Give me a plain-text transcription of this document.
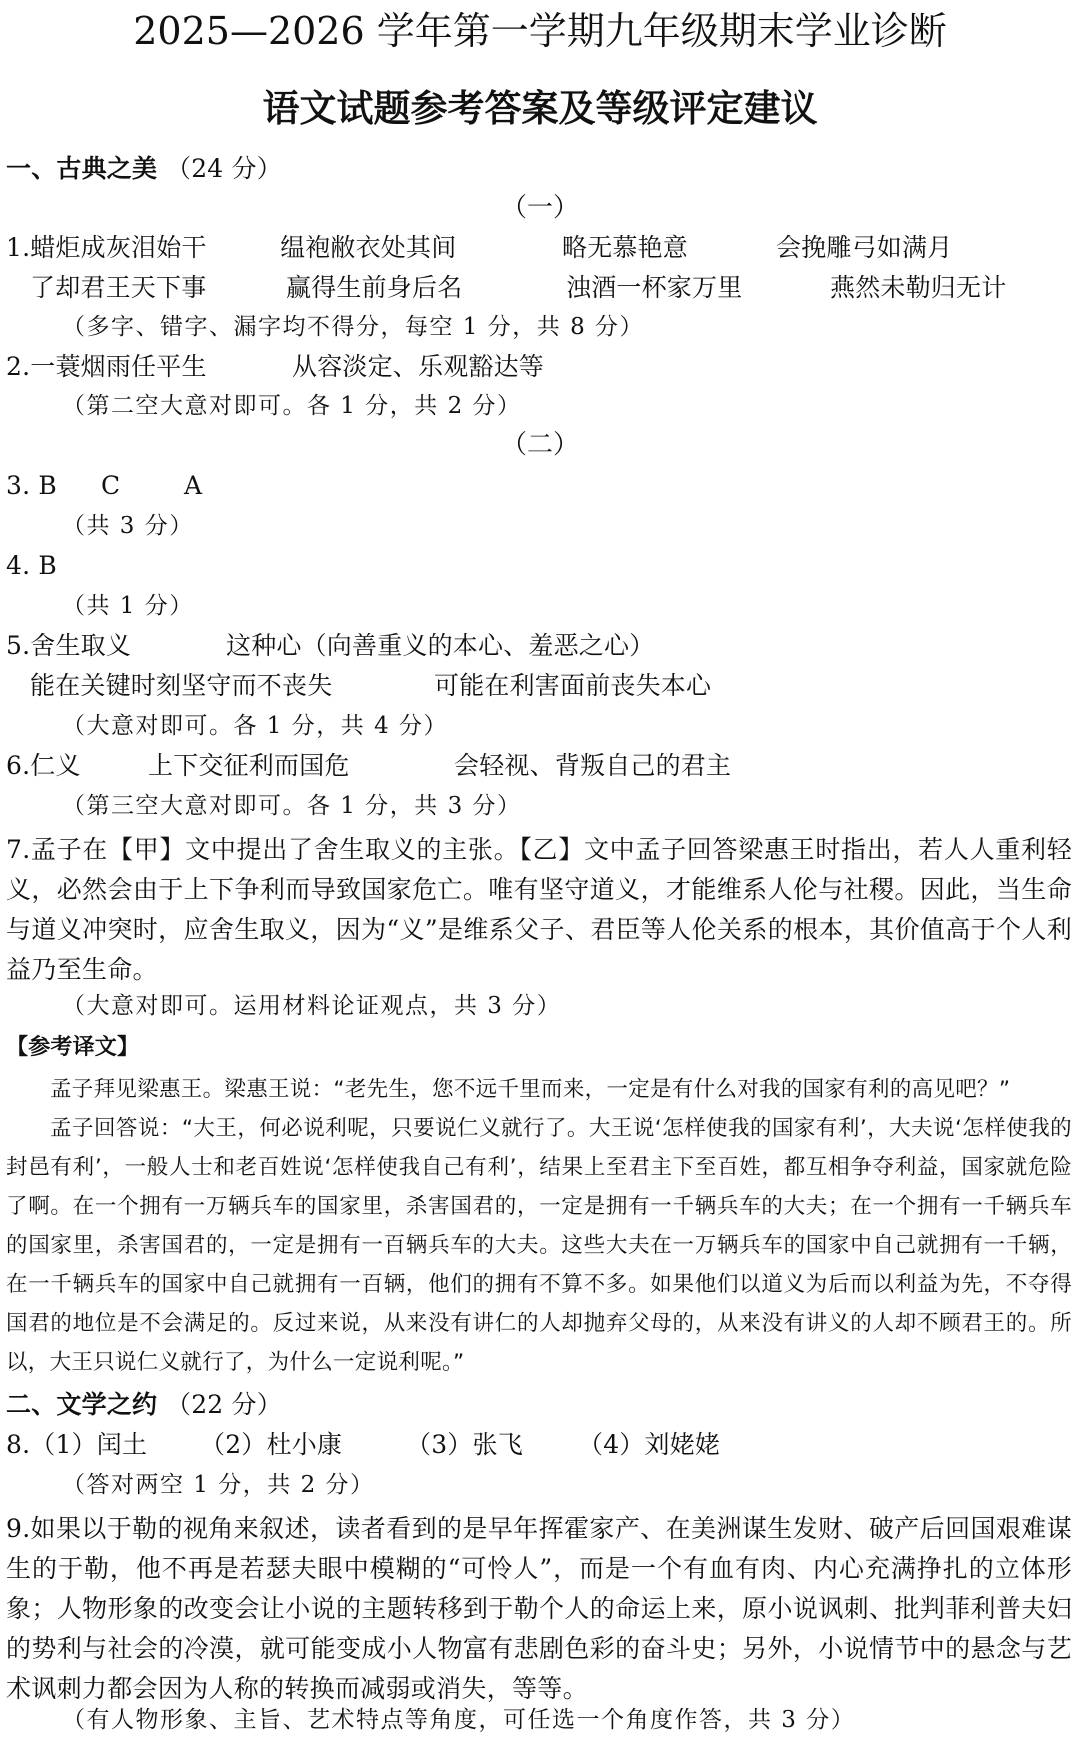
2025—2026 学年第一学期九年级期末学业诊断
语文试题参考答案及等级评定建议
一、古典之美 （24 分）
（一）
1.蜡炬成灰泪始干	缊袍敝衣处其间	略无慕艳意	会挽雕弓如满月
了却君王天下事	赢得生前身后名	浊酒一杯家万里	燕然未勒归无计
（多字、错字、漏字均不得分，每空 1 分，共 8 分）
2.一蓑烟雨任平生	从容淡定、乐观豁达等
（第二空大意对即可。各 1 分，共 2 分）
（二）
3. B C	A
（共 3 分）
4. B
（共 1 分）
5.舍生取义	这种心（向善重义的本心、羞恶之心）
能在关键时刻坚守而不丧失	可能在利害面前丧失本心
（大意对即可。各 1 分，共 4 分）
6.仁义	上下交征利而国危	会轻视、背叛自己的君主
（第三空大意对即可。各 1 分，共 3 分）
7.孟子在【甲】文中提出了舍生取义的主张。【乙】文中孟子回答梁惠王时指出，若人人重利轻义，必然会由于上下争利而导致国家危亡。唯有坚守道义，才能维系人伦与社稷。因此，当生命与道义冲突时，应舍生取义，因为“义”是维系父子、君臣等人伦关系的根本，其价值高于个人利益乃至生命。
（大意对即可。运用材料论证观点，共 3 分）
【参考译文】
孟子拜见梁惠王。梁惠王说：“老先生，您不远千里而来，一定是有什么对我的国家有利的高见吧？”
孟子回答说：“大王，何必说利呢，只要说仁义就行了。大王说‘怎样使我的国家有利’，大夫说‘怎样使我的封邑有利’，一般人士和老百姓说‘怎样使我自己有利’，结果上至君主下至百姓，都互相争夺利益，国家就危险了啊。在一个拥有一万辆兵车的国家里，杀害国君的，一定是拥有一千辆兵车的大夫；在一个拥有一千辆兵车的国家里，杀害国君的，一定是拥有一百辆兵车的大夫。这些大夫在一万辆兵车的国家中自己就拥有一千辆，在一千辆兵车的国家中自己就拥有一百辆，他们的拥有不算不多。如果他们以道义为后而以利益为先，不夺得国君的地位是不会满足的。反过来说，从来没有讲仁的人却抛弃父母的，从来没有讲义的人却不顾君王的。所以，大王只说仁义就行了，为什么一定说利呢。”
二、文学之约 （22 分）
8.（1）闰土 （2）杜小康	（3）张飞 （4）刘姥姥
（答对两空 1 分，共 2 分）
9.如果以于勒的视角来叙述，读者看到的是早年挥霍家产、在美洲谋生发财、破产后回国艰难谋生的于勒，他不再是若瑟夫眼中模糊的“可怜人”，而是一个有血有肉、内心充满挣扎的立体形象；人物形象的改变会让小说的主题转移到于勒个人的命运上来，原小说讽刺、批判菲利普夫妇的势利与社会的冷漠，就可能变成小人物富有悲剧色彩的奋斗史；另外，小说情节中的悬念与艺术讽刺力都会因为人称的转换而减弱或消失，等等。
（有人物形象、主旨、艺术特点等角度，可任选一个角度作答，共 3 分）
